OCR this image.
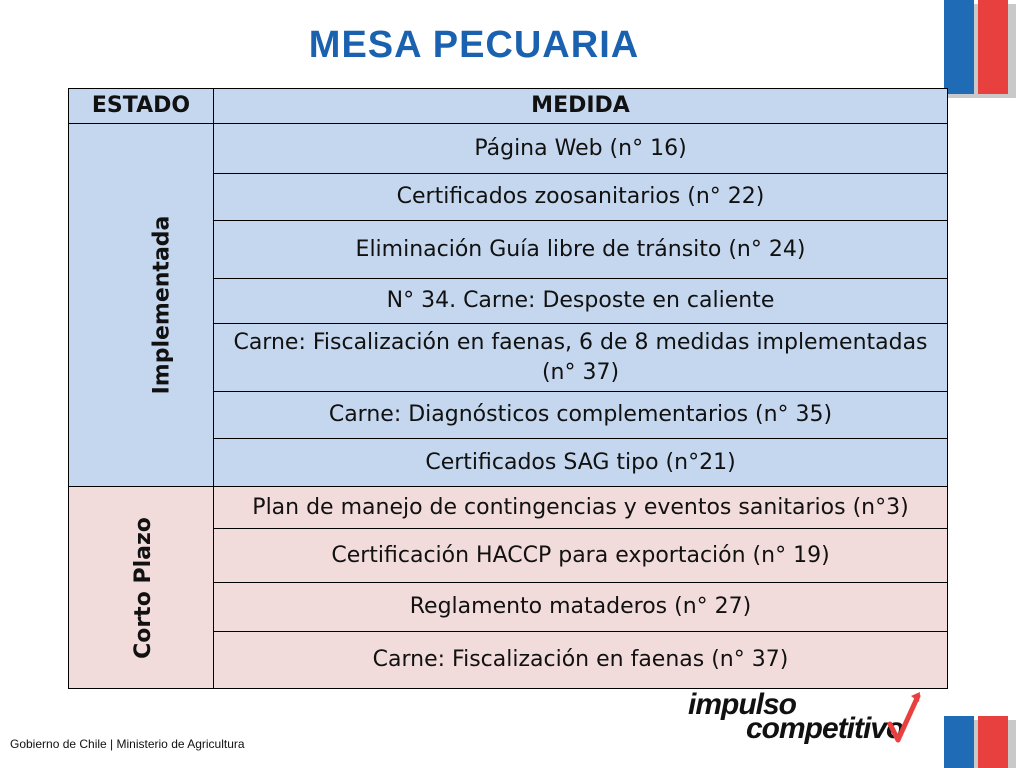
MESA PECUARIA
ESTADO	MEDIDA
Implementada	Página Web (n° 16)
	Certificados zoosanitarios (n° 22)
	Eliminación Guía libre de tránsito (n° 24)
	N° 34. Carne: Desposte en caliente
	Carne: Fiscalización en faenas, 6 de 8 medidas implementadas (n° 37)
	Carne: Diagnósticos complementarios (n° 35)
	Certificados SAG tipo (n°21)
Corto Plazo	Plan de manejo de contingencias y eventos sanitarios (n°3)
	Certificación HACCP para exportación (n° 19)
	Reglamento mataderos (n° 27)
	Carne: Fiscalización en faenas (n° 37)
impulso
competitivo
Gobierno de Chile | Ministerio de Agricultura
